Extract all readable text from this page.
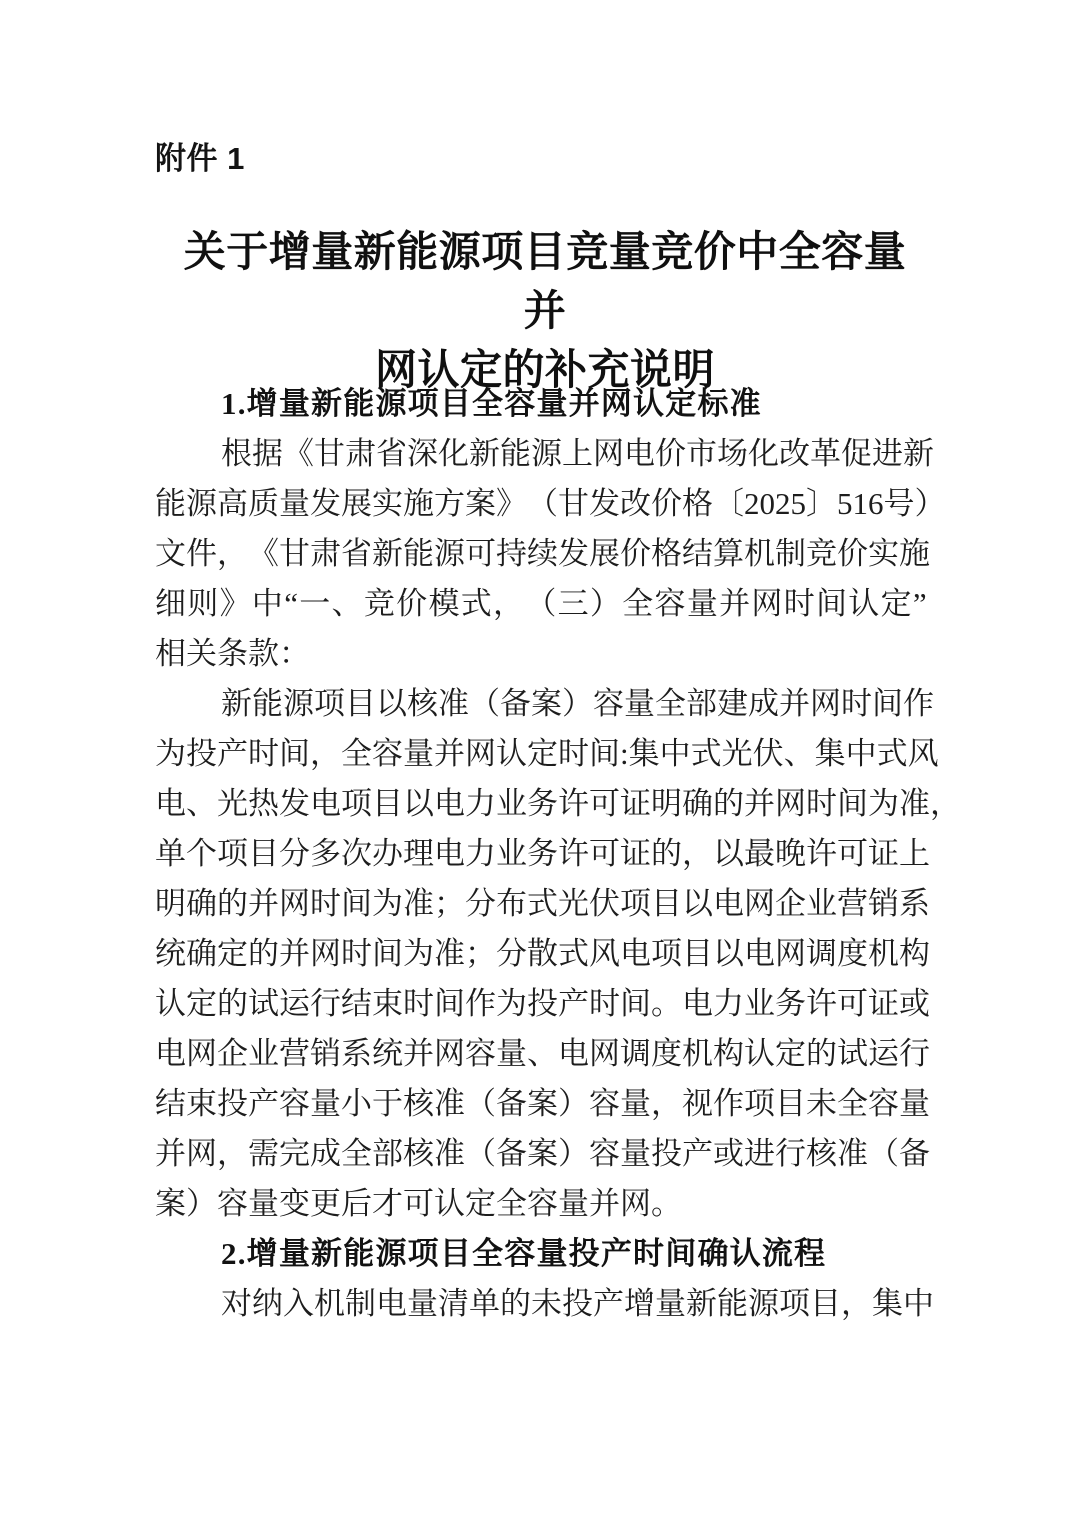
附件 1
关于增量新能源项目竞量竞价中全容量并
网认定的补充说明
1.增量新能源项目全容量并网认定标准
根 据 《 甘 肃 省 深 化 新 能 源 上 网 电 价 市 场 化 改 革 促 进 新
能 源 高 质 量 发 展 实 施 方 案 》 （ 甘 发 改 价 格 〔 2 0 2 5 〕 5 1 6 号 ）
文 件 ， 《 甘 肃 省 新 能 源 可 持 续 发 展 价 格 结 算 机 制 竞 价 实 施
细 则 》 中 “ 一 、 竞 价 模 式 ， （ 三 ） 全 容 量 并 网 时 间 认 定 ”
相关条款：
新 能 源 项 目 以 核 准 （ 备 案 ） 容 量 全 部 建 成 并 网 时 间 作
为 投 产 时 间 ， 全 容 量 并 网 认 定 时 间 : 集 中 式 光 伏 、 集 中 式 风
电 、 光 热 发 电 项 目 以 电 力 业 务 许 可 证 明 确 的 并 网 时 间 为 准 ，
单 个 项 目 分 多 次 办 理 电 力 业 务 许 可 证 的 ， 以 最 晚 许 可 证 上
明 确 的 并 网 时 间 为 准 ； 分 布 式 光 伏 项 目 以 电 网 企 业 营 销 系
统 确 定 的 并 网 时 间 为 准 ； 分 散 式 风 电 项 目 以 电 网 调 度 机 构
认 定 的 试 运 行 结 束 时 间 作 为 投 产 时 间 。 电 力 业 务 许 可 证 或
电 网 企 业 营 销 系 统 并 网 容 量 、 电 网 调 度 机 构 认 定 的 试 运 行
结 束 投 产 容 量 小 于 核 准 （ 备 案 ） 容 量 ， 视 作 项 目 未 全 容 量
并 网 ， 需 完 成 全 部 核 准 （ 备 案 ） 容 量 投 产 或 进 行 核 准 （ 备
案）容量变更后才可认定全容量并网。
2.增量新能源项目全容量投产时间确认流程
对 纳 入 机 制 电 量 清 单 的 未 投 产 增 量 新 能 源 项 目 ， 集 中
